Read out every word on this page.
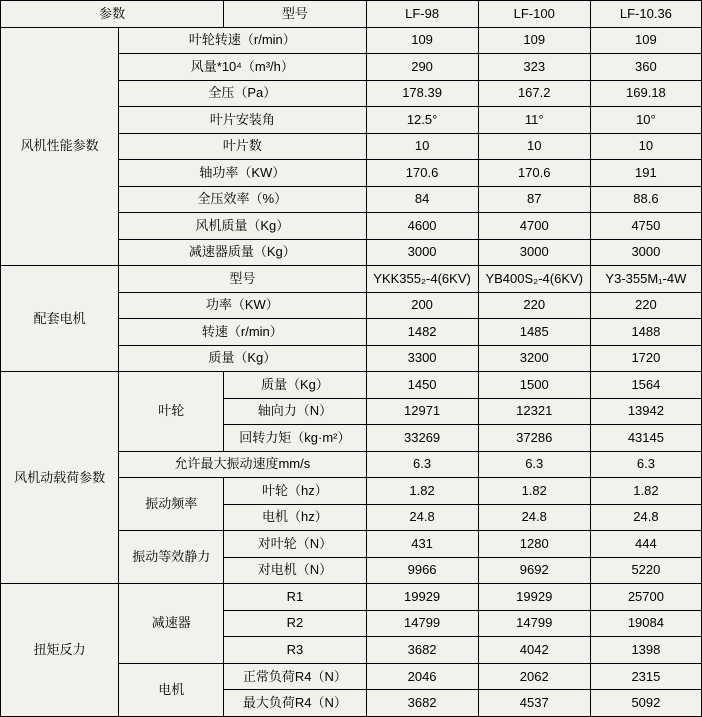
参数		型号	LF-98	LF-100	LF-10.36
风机性能参数	叶轮转速（r/min）		109	109	109
	风量*10⁴（m³/h）		290	323	360
	全压（Pa）		178.39	167.2	169.18
	叶片安装角		12.5°	11°	10°
	叶片数		10	10	10
	轴功率（KW）		170.6	170.6	191
	全压效率（%）		84	87	88.6
	风机质量（Kg）		4600	4700	4750
	减速器质量（Kg）		3000	3000	3000
配套电机	型号		YKK355₂-4(6KV)	YB400S₂-4(6KV)	Y3-355M₁-4W
	功率（KW）		200	220	220
	转速（r/min）		1482	1485	1488
	质量（Kg）		3300	3200	1720
风机动载荷参数	叶轮	质量（Kg）	1450	1500	1564
		轴向力（N）	12971	12321	13942
		回转力矩（kg·m²）	33269	37286	43145
	允许最大振动速度mm/s		6.3	6.3	6.3
	振动频率	叶轮（hz）	1.82	1.82	1.82
		电机（hz）	24.8	24.8	24.8
	振动等效静力	对叶轮（N）	431	1280	444
		对电机（N）	9966	9692	5220
扭矩反力	减速器	R1	19929	19929	25700
		R2	14799	14799	19084
		R3	3682	4042	1398
	电机	正常负荷R4（N）	2046	2062	2315
		最大负荷R4（N）	3682	4537	5092
